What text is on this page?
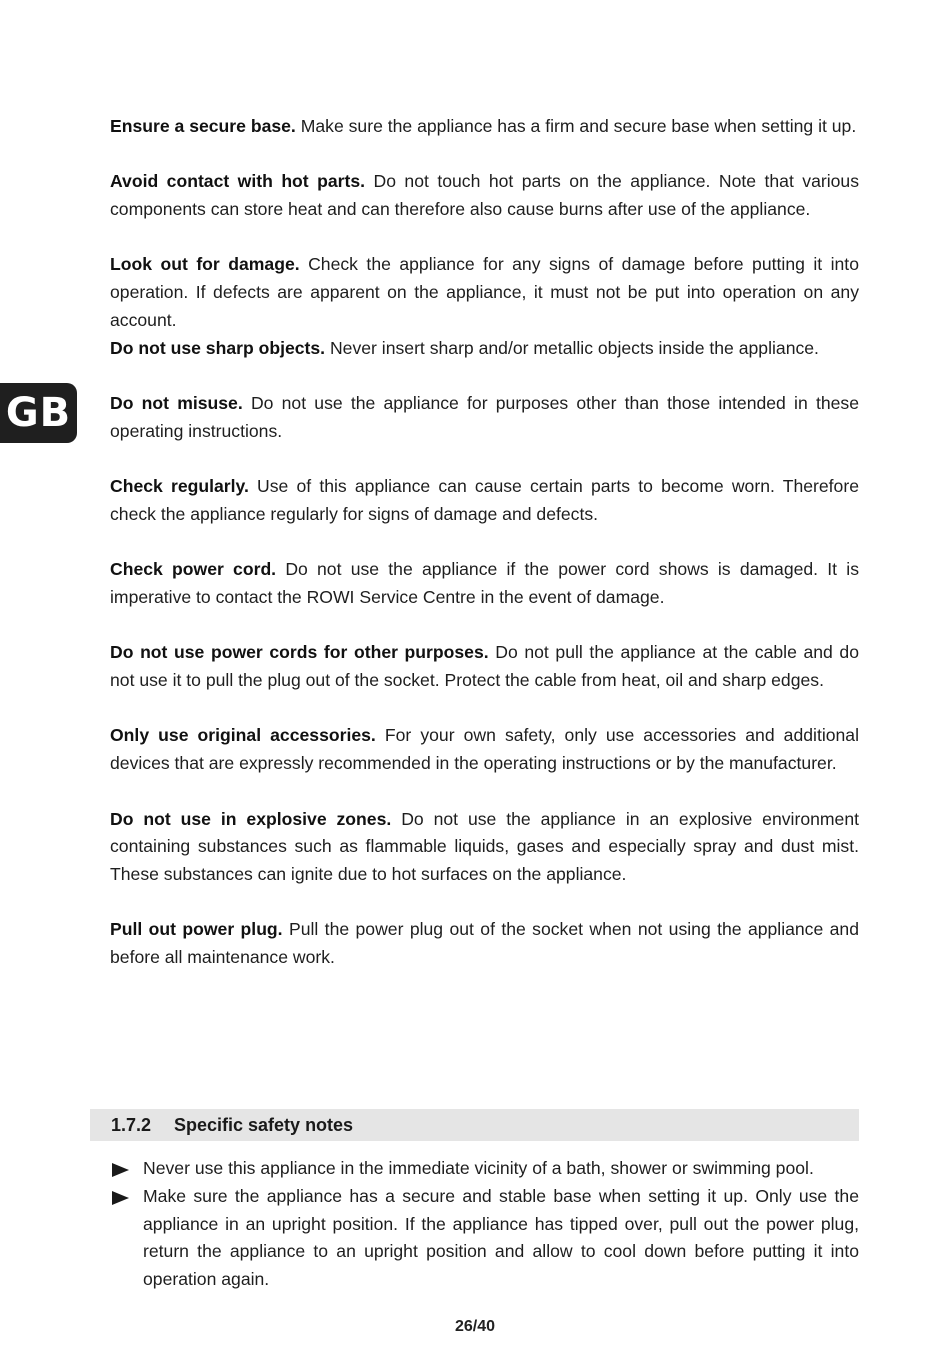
GB

Ensure a secure base. Make sure the appliance has a firm and secure base when setting it up.

Avoid contact with hot parts. Do not touch hot parts on the appliance. Note that various components can store heat and can therefore also cause burns after use of the appliance.

Look out for damage. Check the appliance for any signs of damage before putting it into operation. If defects are apparent on the appliance, it must not be put into operation on any account.

Do not use sharp objects. Never insert sharp and/or metallic objects inside the appliance.

Do not misuse. Do not use the appliance for purposes other than those intended in these operating instructions.

Check regularly. Use of this appliance can cause certain parts to become worn. Therefore check the appliance regularly for signs of damage and defects.

Check power cord. Do not use the appliance if the power cord shows is damaged. It is imperative to contact the ROWI Service Centre in the event of damage.

Do not use power cords for other purposes. Do not pull the appliance at the cable and do not use it to pull the plug out of the socket. Protect the cable from heat, oil and sharp edges.

Only use original accessories. For your own safety, only use accessories and additional devices that are expressly recommended in the operating instructions or by the manufacturer.

Do not use in explosive zones. Do not use the appliance in an explosive environment containing substances such as flammable liquids, gases and especially spray and dust mist. These substances can ignite due to hot surfaces on the appliance.

Pull out power plug. Pull the power plug out of the socket when not using the appliance and before all maintenance work.

1.7.2 Specific safety notes
Never use this appliance in the immediate vicinity of a bath, shower or swimming pool.
Make sure the appliance has a secure and stable base when setting it up. Only use the appliance in an upright position. If the appliance has tipped over, pull out the power plug, return the appliance to an upright position and allow to cool down before putting it into operation again.
26/40
